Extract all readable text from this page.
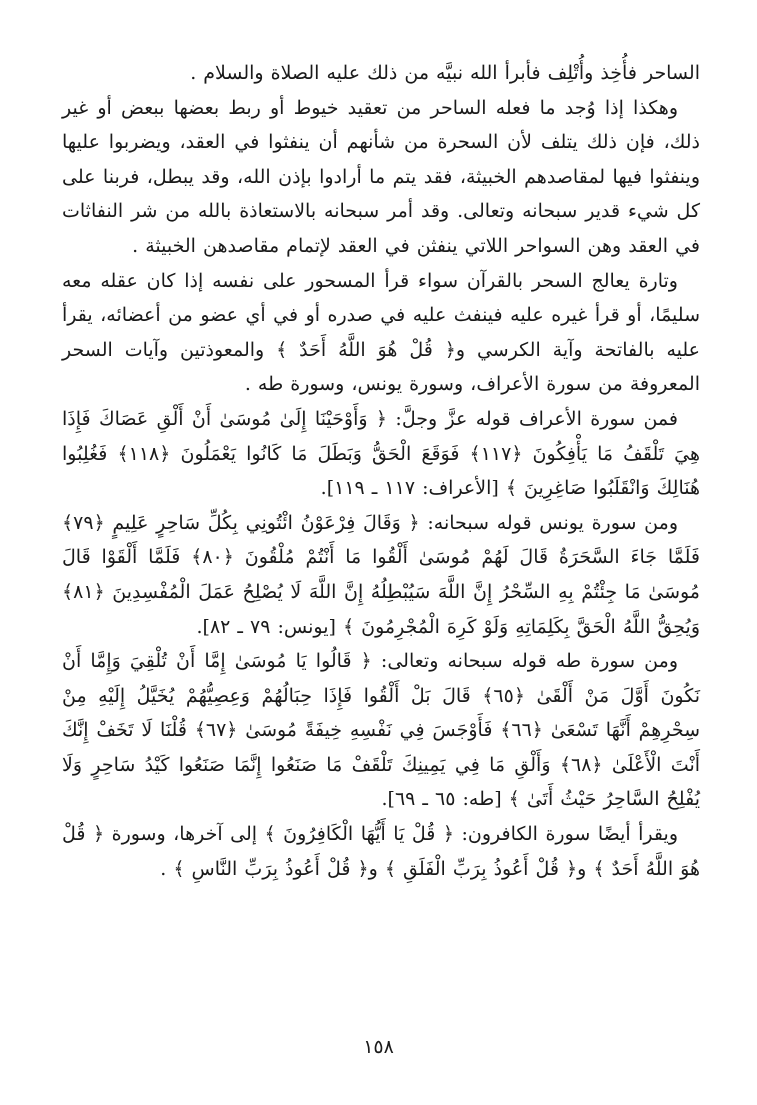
الساحر فأُخِذ وأُتْلِف فأبرأ الله نبيَّه من ذلك عليه الصلاة والسلام .

وهكذا إذا وُجد ما فعله الساحر من تعقيد خيوط أو ربط بعضها ببعض أو غير ذلك، فإن ذلك يتلف لأن السحرة من شأنهم أن ينفثوا في العقد، ويضربوا عليها وينفثوا فيها لمقاصدهم الخبيثة، فقد يتم ما أرادوا بإذن الله، وقد يبطل، فربنا على كل شيء قدير سبحانه وتعالى. وقد أمر سبحانه بالاستعاذة بالله من شر النفاثات في العقد وهن السواحر اللاتي ينفثن في العقد لإتمام مقاصدهن الخبيثة .

وتارة يعالج السحر بالقرآن سواء قرأ المسحور على نفسه إذا كان عقله معه سليمًا، أو قرأ غيره عليه فينفث عليه في صدره أو في أي عضو من أعضائه، يقرأ عليه بالفاتحة وآية الكرسي و﴿ قُلْ هُوَ اللَّهُ أَحَدٌ ﴾ والمعوذتين وآيات السحر المعروفة من سورة الأعراف، وسورة يونس، وسورة طه .

فمن سورة الأعراف قوله عزَّ وجلَّ: ﴿ وَأَوْحَيْنَا إِلَىٰ مُوسَىٰ أَنْ أَلْقِ عَصَاكَ فَإِذَا هِيَ تَلْقَفُ مَا يَأْفِكُونَ ﴿١١٧﴾ فَوَقَعَ الْحَقُّ وَبَطَلَ مَا كَانُوا يَعْمَلُونَ ﴿١١٨﴾ فَغُلِبُوا هُنَالِكَ وَانْقَلَبُوا صَاغِرِينَ ﴾ [الأعراف: ١١٧ ـ ١١٩].

ومن سورة يونس قوله سبحانه: ﴿ وَقَالَ فِرْعَوْنُ ائْتُونِي بِكُلِّ سَاحِرٍ عَلِيمٍ ﴿٧٩﴾ فَلَمَّا جَاءَ السَّحَرَةُ قَالَ لَهُمْ مُوسَىٰ أَلْقُوا مَا أَنْتُمْ مُلْقُونَ ﴿٨٠﴾ فَلَمَّا أَلْقَوْا قَالَ مُوسَىٰ مَا جِئْتُمْ بِهِ السِّحْرُ إِنَّ اللَّهَ سَيُبْطِلُهُ إِنَّ اللَّهَ لَا يُصْلِحُ عَمَلَ الْمُفْسِدِينَ ﴿٨١﴾ وَيُحِقُّ اللَّهُ الْحَقَّ بِكَلِمَاتِهِ وَلَوْ كَرِهَ الْمُجْرِمُونَ ﴾ [يونس: ٧٩ ـ ٨٢].

ومن سورة طه قوله سبحانه وتعالى: ﴿ قَالُوا يَا مُوسَىٰ إِمَّا أَنْ تُلْقِيَ وَإِمَّا أَنْ نَكُونَ أَوَّلَ مَنْ أَلْقَىٰ ﴿٦٥﴾ قَالَ بَلْ أَلْقُوا فَإِذَا حِبَالُهُمْ وَعِصِيُّهُمْ يُخَيَّلُ إِلَيْهِ مِنْ سِحْرِهِمْ أَنَّهَا تَسْعَىٰ ﴿٦٦﴾ فَأَوْجَسَ فِي نَفْسِهِ خِيفَةً مُوسَىٰ ﴿٦٧﴾ قُلْنَا لَا تَخَفْ إِنَّكَ أَنْتَ الْأَعْلَىٰ ﴿٦٨﴾ وَأَلْقِ مَا فِي يَمِينِكَ تَلْقَفْ مَا صَنَعُوا إِنَّمَا صَنَعُوا كَيْدُ سَاحِرٍ وَلَا يُفْلِحُ السَّاحِرُ حَيْثُ أَتَىٰ ﴾ [طه: ٦٥ ـ ٦٩].

ويقرأ أيضًا سورة الكافرون: ﴿ قُلْ يَا أَيُّهَا الْكَافِرُونَ ﴾ إلى آخرها، وسورة ﴿ قُلْ هُوَ اللَّهُ أَحَدٌ ﴾ و﴿ قُلْ أَعُوذُ بِرَبِّ الْفَلَقِ ﴾ و﴿ قُلْ أَعُوذُ بِرَبِّ النَّاسِ ﴾ .

١٥٨
